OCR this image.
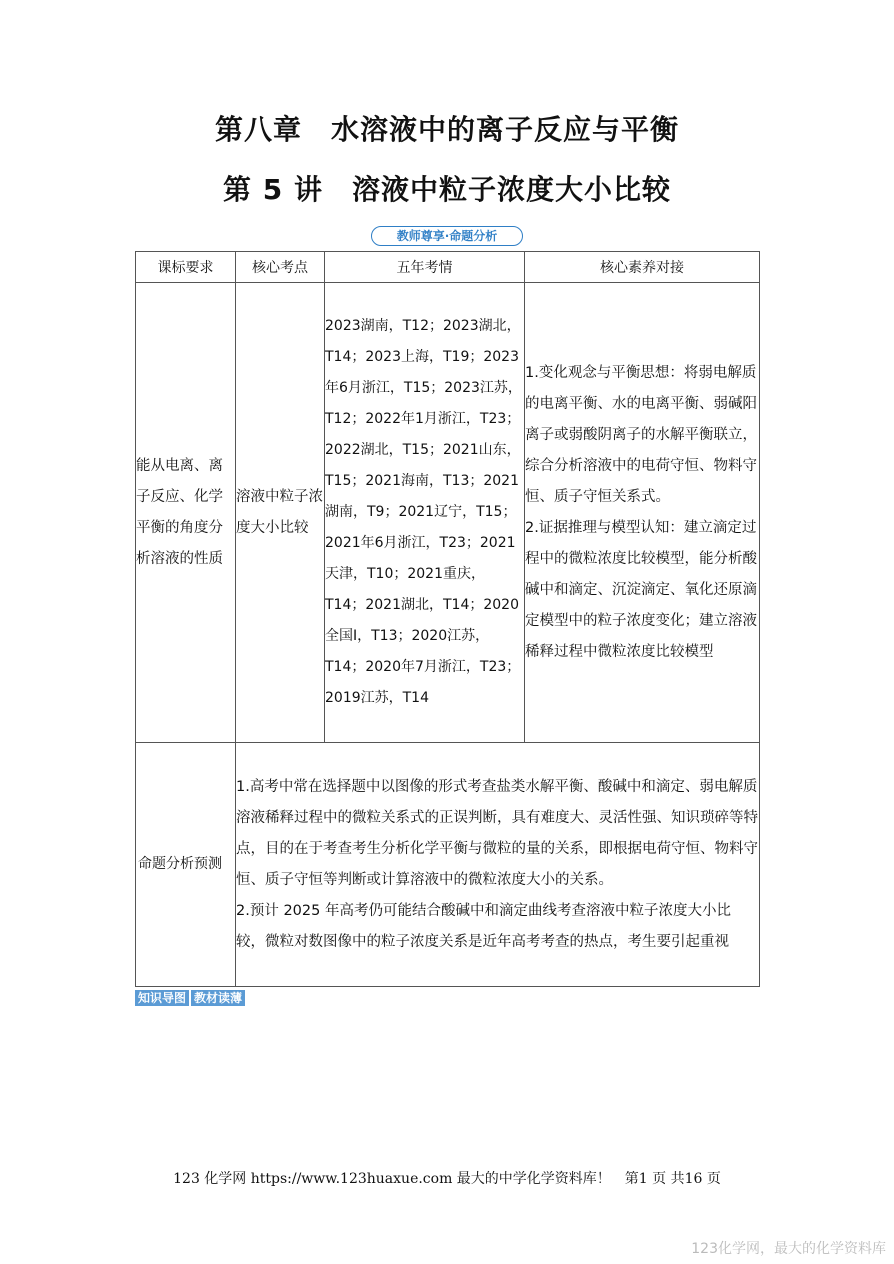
第八章　水溶液中的离子反应与平衡
第 5 讲　溶液中粒子浓度大小比较
教师尊享·命题分析
课标要求	核心考点	五年考情	核心素养对接
能从电离、离子反应、化学平衡的角度分析溶液的性质	溶液中粒子浓度大小比较	2023湖南，T12；2023湖北，T14；2023上海，T19；2023年6月浙江，T15；2023江苏，T12；2022年1月浙江，T23；2022湖北，T15；2021山东，T15；2021海南，T13；2021湖南，T9；2021辽宁，T15；2021年6月浙江，T23；2021天津，T10；2021重庆，T14；2021湖北，T14；2020全国Ⅰ，T13；2020江苏，T14；2020年7月浙江，T23；2019江苏，T14	1.变化观念与平衡思想：将弱电解质的电离平衡、水的电离平衡、弱碱阳离子或弱酸阴离子的水解平衡联立，综合分析溶液中的电荷守恒、物料守恒、质子守恒关系式。
2.证据推理与模型认知：建立滴定过程中的微粒浓度比较模型，能分析酸碱中和滴定、沉淀滴定、氧化还原滴定模型中的粒子浓度变化；建立溶液稀释过程中微粒浓度比较模型

命题分析预测	1.高考中常在选择题中以图像的形式考查盐类水解平衡、酸碱中和滴定、弱电解质溶液稀释过程中的微粒关系式的正误判断，具有难度大、灵活性强、知识琐碎等特点，目的在于考查考生分析化学平衡与微粒的量的关系，即根据电荷守恒、物料守恒、质子守恒等判断或计算溶液中的微粒浓度大小的关系。
2.预计 2025 年高考仍可能结合酸碱中和滴定曲线考查溶液中粒子浓度大小比较，微粒对数图像中的粒子浓度关系是近年高考考查的热点，考生要引起重视		
知识导图 教材读薄
123 化学网 https://www.123huaxue.com 最大的中学化学资料库！　第1 页 共16 页
123化学网，最大的化学资料库
